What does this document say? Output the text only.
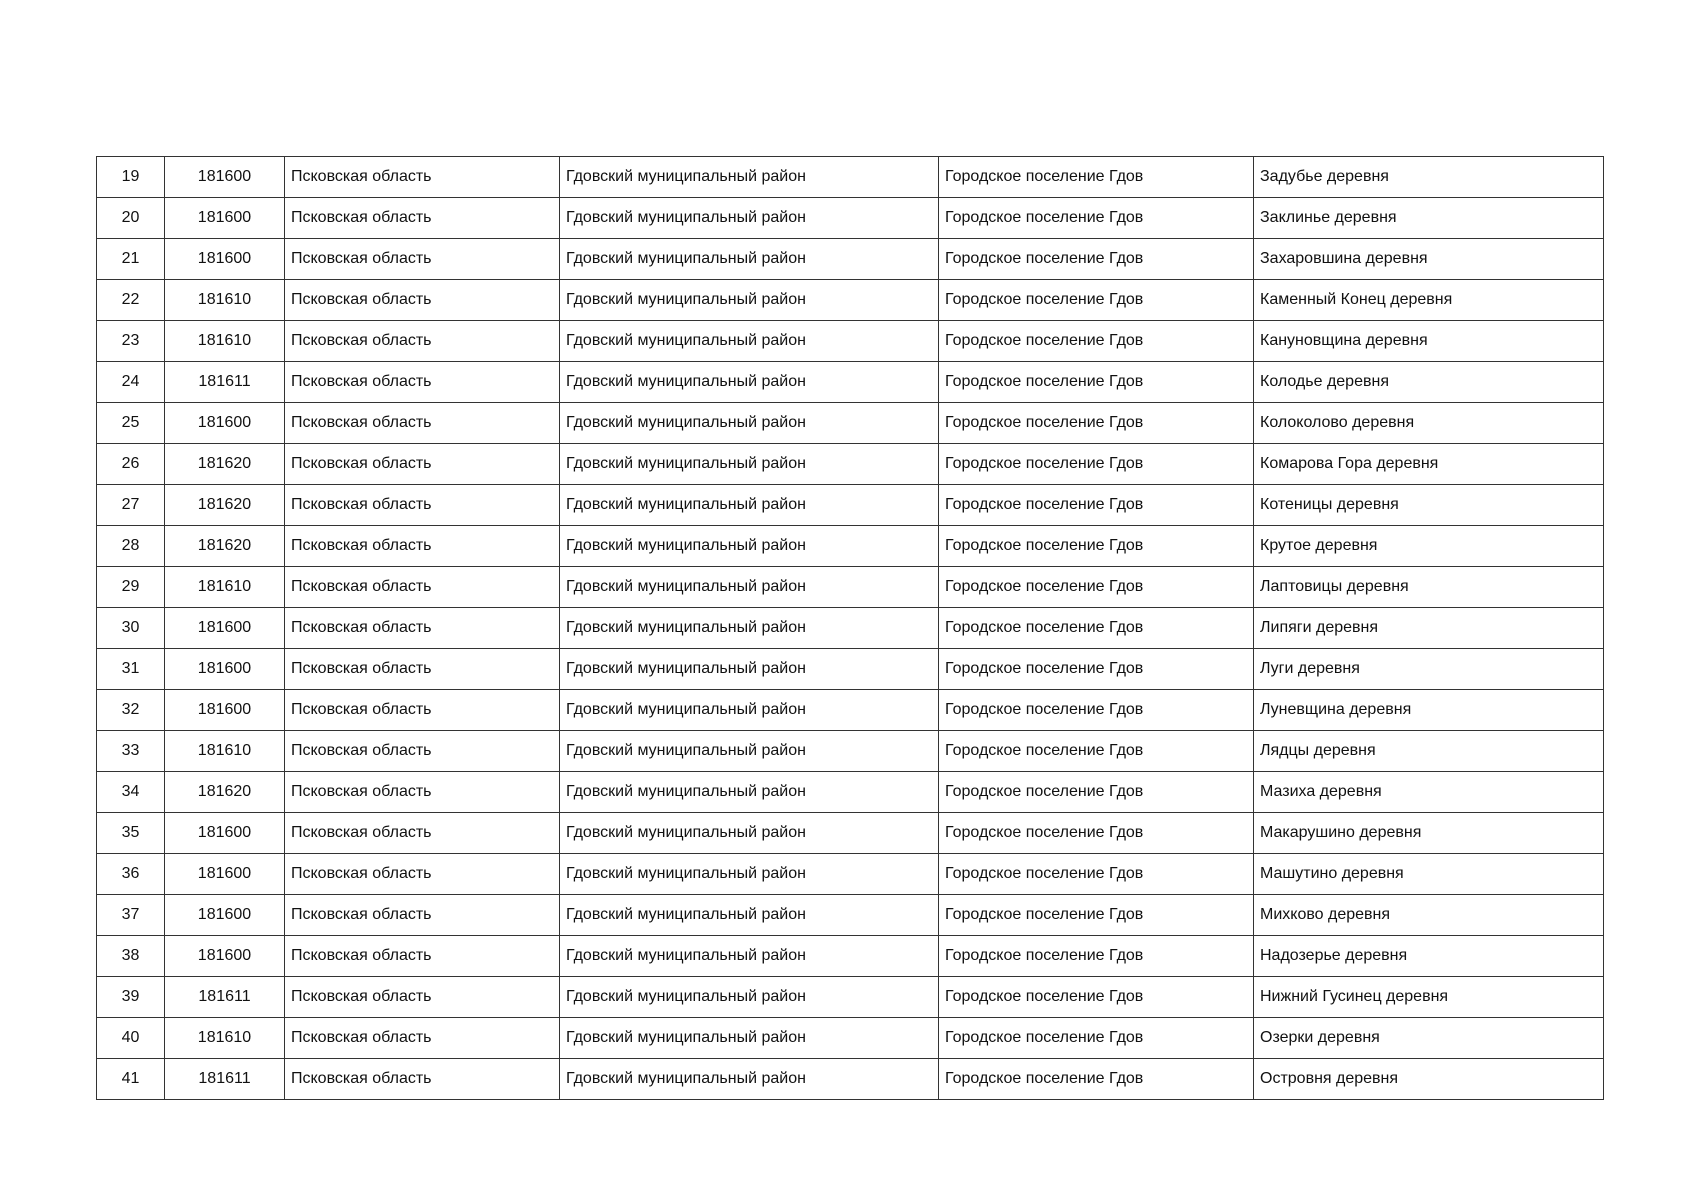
19	181600	Псковская область	Гдовский муниципальный район	Городское поселение Гдов	Задубье деревня
20	181600	Псковская область	Гдовский муниципальный район	Городское поселение Гдов	Заклинье деревня
21	181600	Псковская область	Гдовский муниципальный район	Городское поселение Гдов	Захаровшина деревня
22	181610	Псковская область	Гдовский муниципальный район	Городское поселение Гдов	Каменный Конец деревня
23	181610	Псковская область	Гдовский муниципальный район	Городское поселение Гдов	Кануновщина деревня
24	181611	Псковская область	Гдовский муниципальный район	Городское поселение Гдов	Колодье деревня
25	181600	Псковская область	Гдовский муниципальный район	Городское поселение Гдов	Колоколово деревня
26	181620	Псковская область	Гдовский муниципальный район	Городское поселение Гдов	Комарова Гора деревня
27	181620	Псковская область	Гдовский муниципальный район	Городское поселение Гдов	Котеницы деревня
28	181620	Псковская область	Гдовский муниципальный район	Городское поселение Гдов	Крутое деревня
29	181610	Псковская область	Гдовский муниципальный район	Городское поселение Гдов	Лаптовицы деревня
30	181600	Псковская область	Гдовский муниципальный район	Городское поселение Гдов	Липяги деревня
31	181600	Псковская область	Гдовский муниципальный район	Городское поселение Гдов	Луги деревня
32	181600	Псковская область	Гдовский муниципальный район	Городское поселение Гдов	Луневщина деревня
33	181610	Псковская область	Гдовский муниципальный район	Городское поселение Гдов	Лядцы деревня
34	181620	Псковская область	Гдовский муниципальный район	Городское поселение Гдов	Мазиха деревня
35	181600	Псковская область	Гдовский муниципальный район	Городское поселение Гдов	Макарушино деревня
36	181600	Псковская область	Гдовский муниципальный район	Городское поселение Гдов	Машутино деревня
37	181600	Псковская область	Гдовский муниципальный район	Городское поселение Гдов	Михково деревня
38	181600	Псковская область	Гдовский муниципальный район	Городское поселение Гдов	Надозерье деревня
39	181611	Псковская область	Гдовский муниципальный район	Городское поселение Гдов	Нижний Гусинец деревня
40	181610	Псковская область	Гдовский муниципальный район	Городское поселение Гдов	Озерки деревня
41	181611	Псковская область	Гдовский муниципальный район	Городское поселение Гдов	Островня деревня
